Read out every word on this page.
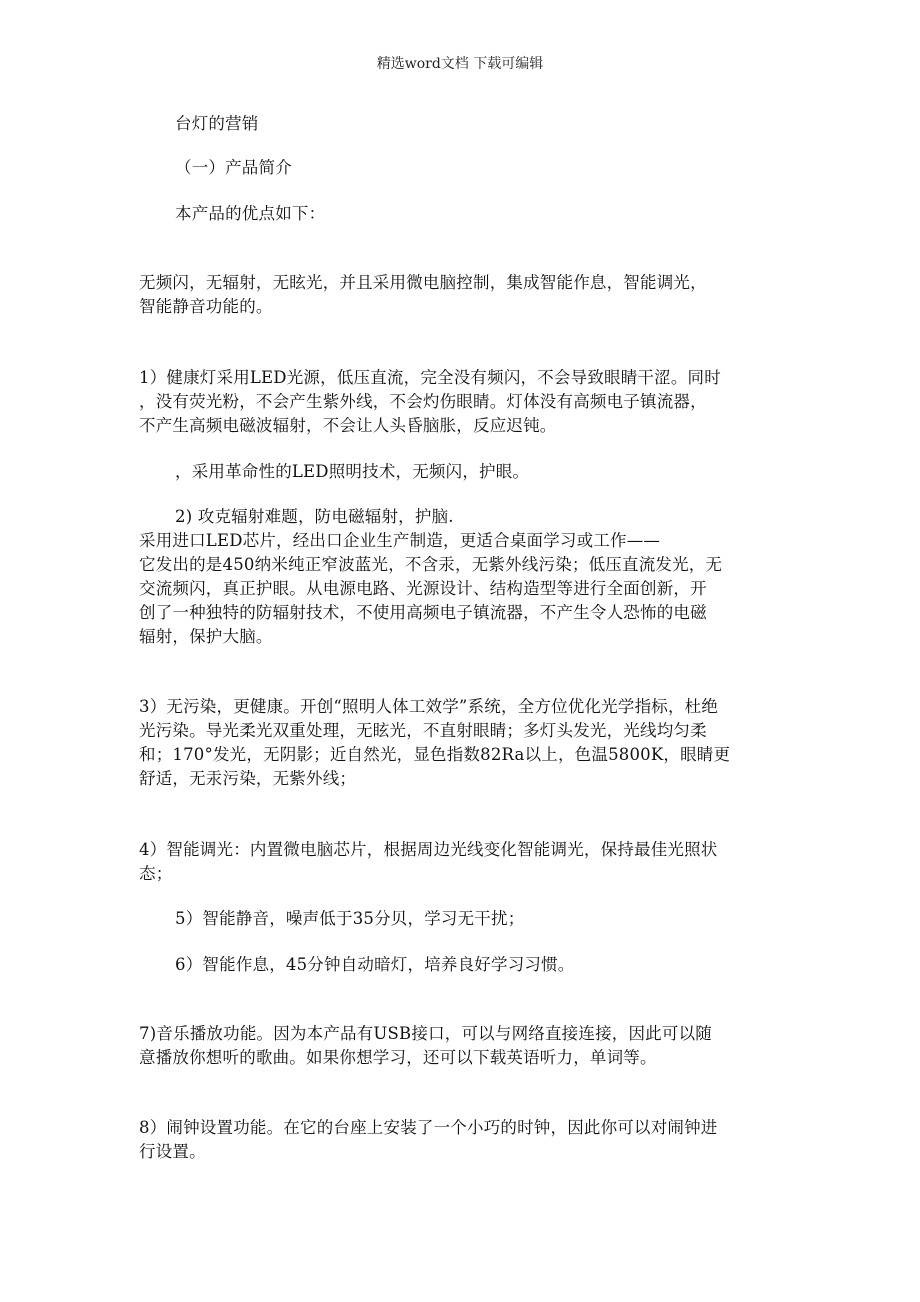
精选word文档 下载可编辑
台灯的营销
（一）产品简介
本产品的优点如下：
无频闪，无辐射，无眩光，并且采用微电脑控制，集成智能作息，智能调光，
智能静音功能的。
1）健康灯采用LED光源，低压直流，完全没有频闪，不会导致眼睛干涩。同时
，没有荧光粉，不会产生紫外线，不会灼伤眼睛。灯体没有高频电子镇流器，
不产生高频电磁波辐射，不会让人头昏脑胀，反应迟钝。
，采用革命性的LED照明技术，无频闪，护眼。
2) 攻克辐射难题，防电磁辐射，护脑.
采用进口LED芯片，经出口企业生产制造，更适合桌面学习或工作——
它发出的是450纳米纯正窄波蓝光，不含汞，无紫外线污染；低压直流发光，无
交流频闪，真正护眼。从电源电路、光源设计、结构造型等进行全面创新，开
创了一种独特的防辐射技术，不使用高频电子镇流器，不产生令人恐怖的电磁
辐射，保护大脑。
3）无污染，更健康。开创“照明人体工效学”系统，全方位优化光学指标，杜绝
光污染。导光柔光双重处理，无眩光，不直射眼睛；多灯头发光，光线均匀柔
和；170°发光，无阴影；近自然光，显色指数82Ra以上，色温5800K，眼睛更
舒适，无汞污染，无紫外线；
4）智能调光：内置微电脑芯片，根据周边光线变化智能调光，保持最佳光照状
态；
5）智能静音，噪声低于35分贝，学习无干扰；
6）智能作息，45分钟自动暗灯，培养良好学习习惯。
7)音乐播放功能。因为本产品有USB接口，可以与网络直接连接，因此可以随
意播放你想听的歌曲。如果你想学习，还可以下载英语听力，单词等。
8）闹钟设置功能。在它的台座上安装了一个小巧的时钟，因此你可以对闹钟进
行设置。
